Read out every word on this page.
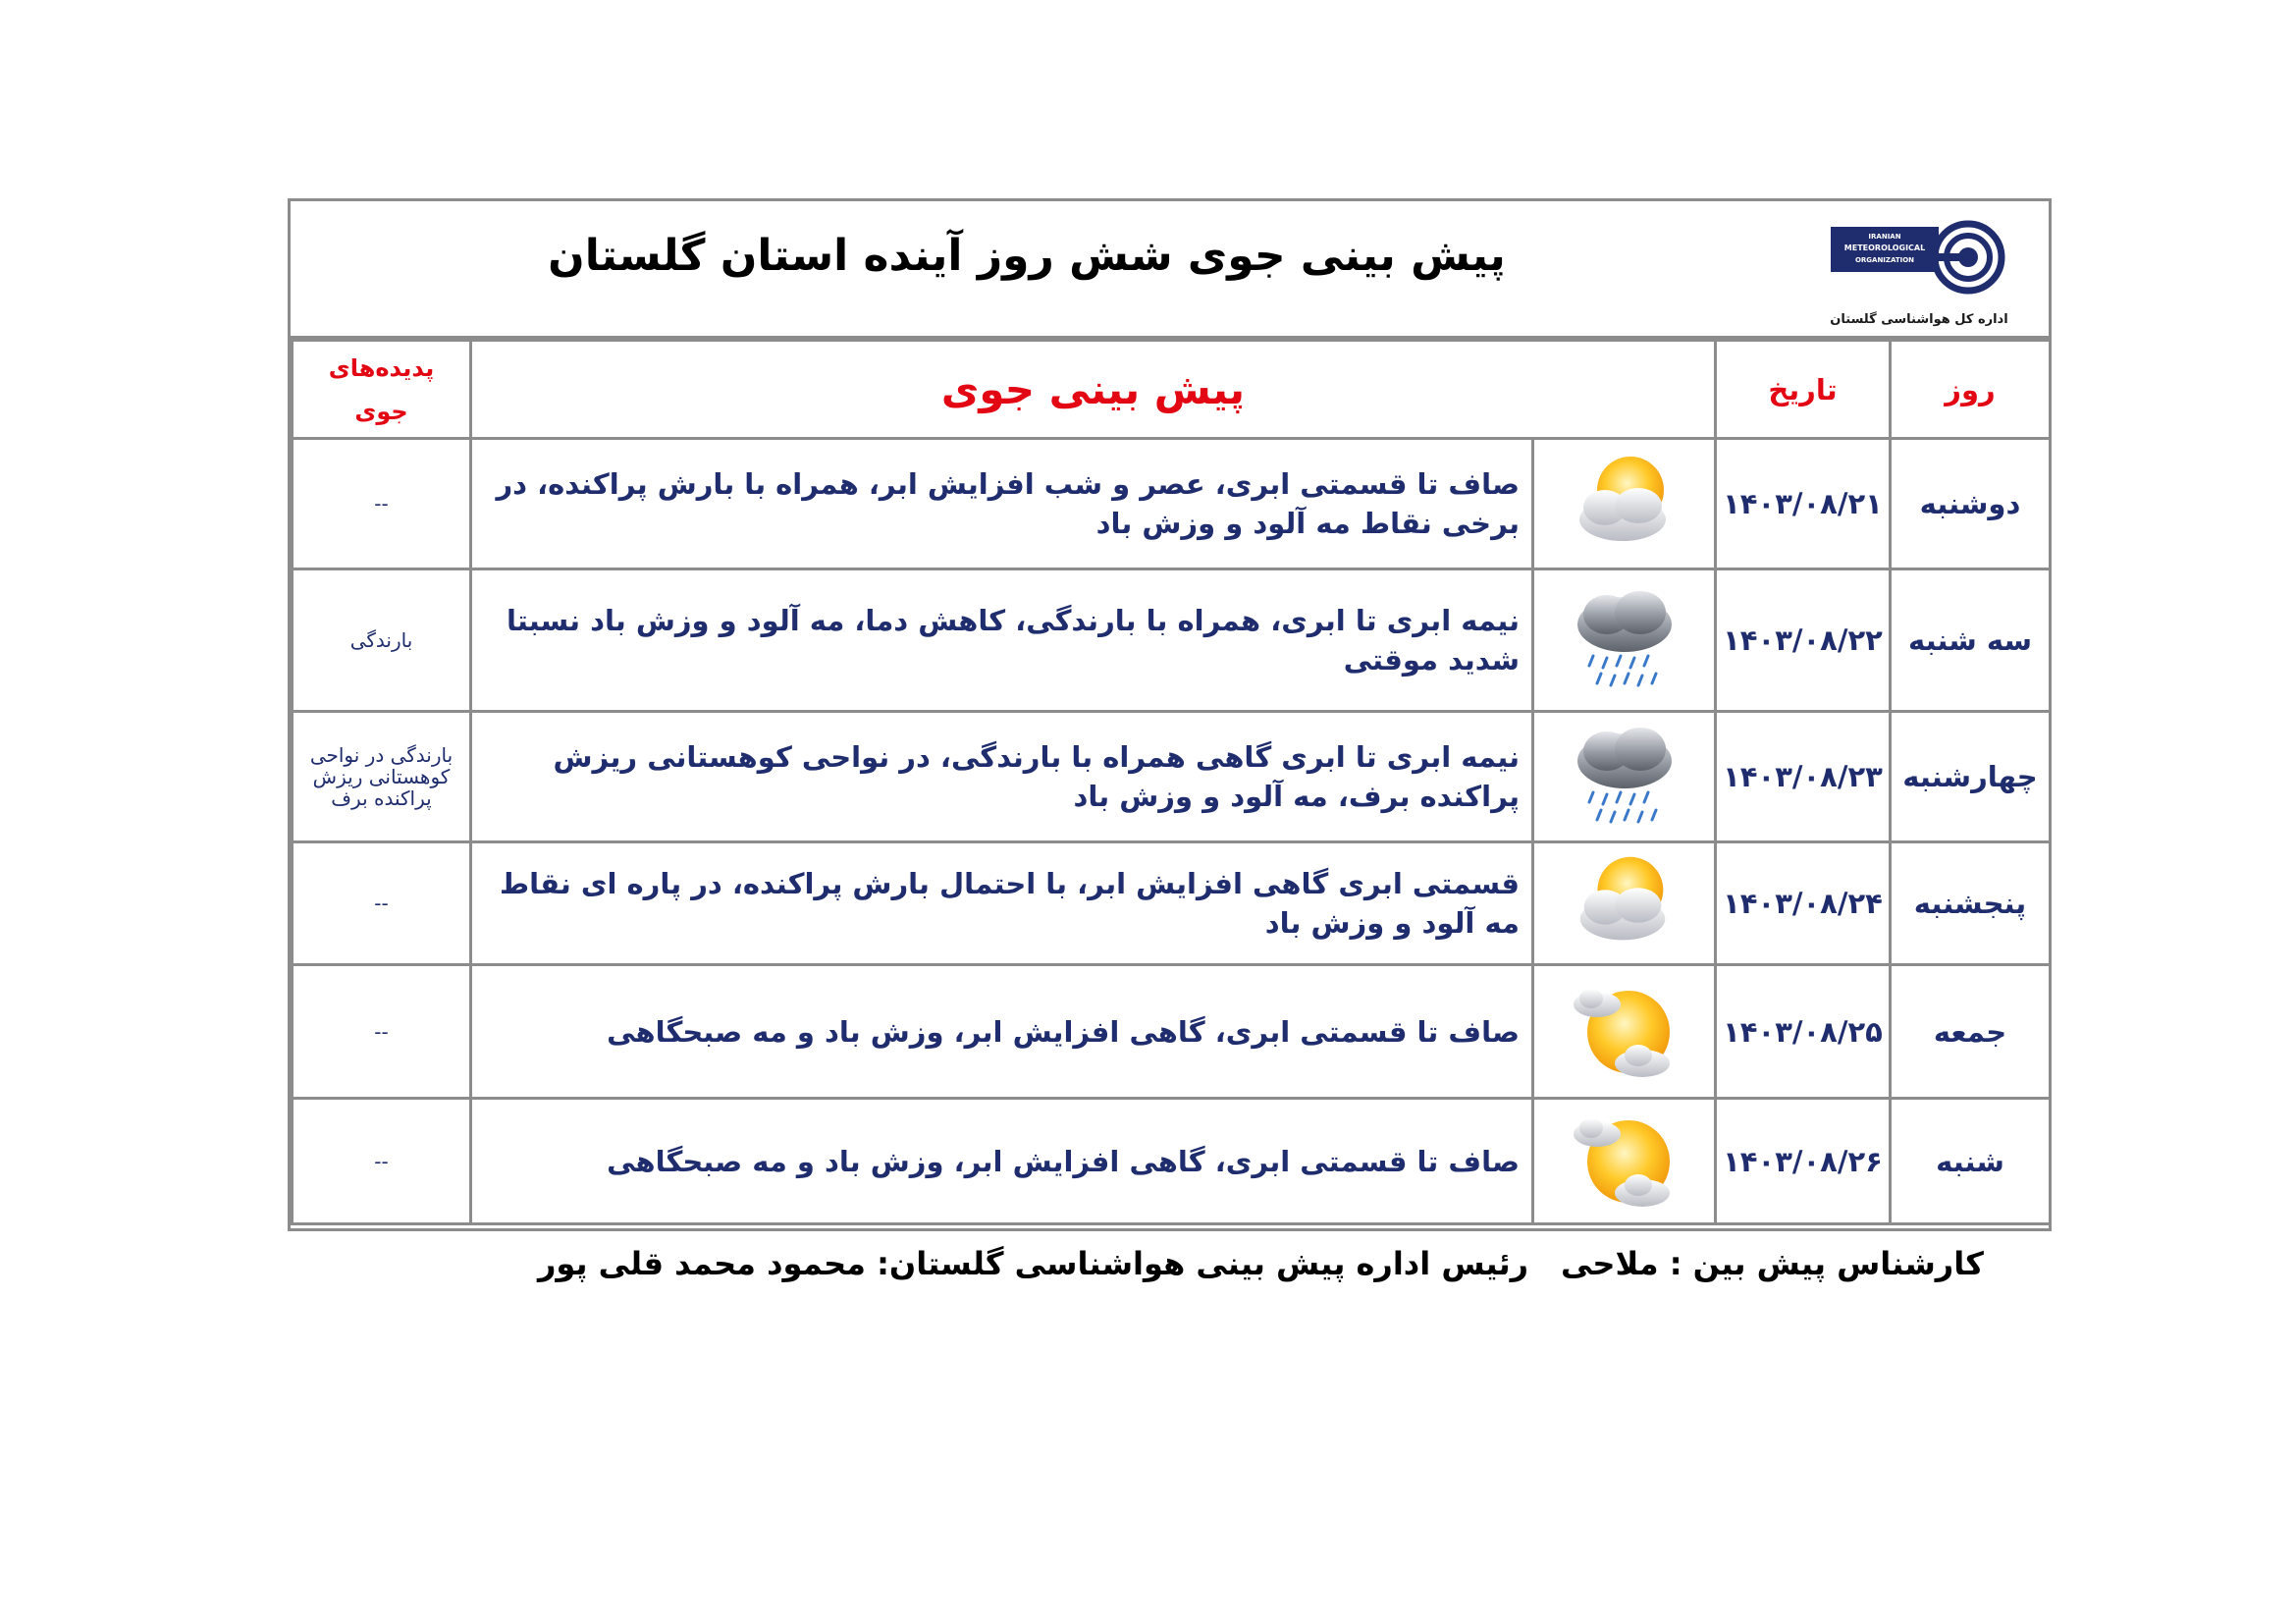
پیش بینی جوی شش روز آینده استان گلستان	IRANIAN
METEOROLOGICAL
ORGANIZATION
اداره کل هواشناسی گلستان
روز	تاریخ	پیش بینی جوی		پدیده‌های
جوی

دوشنبه	۱۴۰۳/۰۸/۲۱		صاف تا قسمتی ابری، عصر و شب افزایش ابر، همراه با بارش پراکنده، در برخی نقاط مه آلود و وزش باد	--
سه شنبه	۱۴۰۳/۰۸/۲۲		نیمه ابری تا ابری، همراه با بارندگی، کاهش دما، مه آلود و وزش باد نسبتا شدید موقتی	بارندگی
چهارشنبه	۱۴۰۳/۰۸/۲۳		نیمه ابری تا ابری گاهی همراه با بارندگی، در نواحی کوهستانی ریزش پراکنده برف، مه آلود و وزش باد	بارندگی در نواحی کوهستانی ریزش پراکنده برف
پنجشنبه	۱۴۰۳/۰۸/۲۴		قسمتی ابری گاهی افزایش ابر، با احتمال بارش پراکنده، در پاره ای نقاط مه آلود و وزش باد	--
جمعه	۱۴۰۳/۰۸/۲۵		صاف تا قسمتی ابری، گاهی افزایش ابر، وزش باد و مه صبحگاهی	--
شنبه	۱۴۰۳/۰۸/۲۶		صاف تا قسمتی ابری، گاهی افزایش ابر، وزش باد و مه صبحگاهی	--
کارشناس پیش بین : ملاحی
رئیس اداره پیش بینی هواشناسی گلستان: محمود محمد قلی پور
